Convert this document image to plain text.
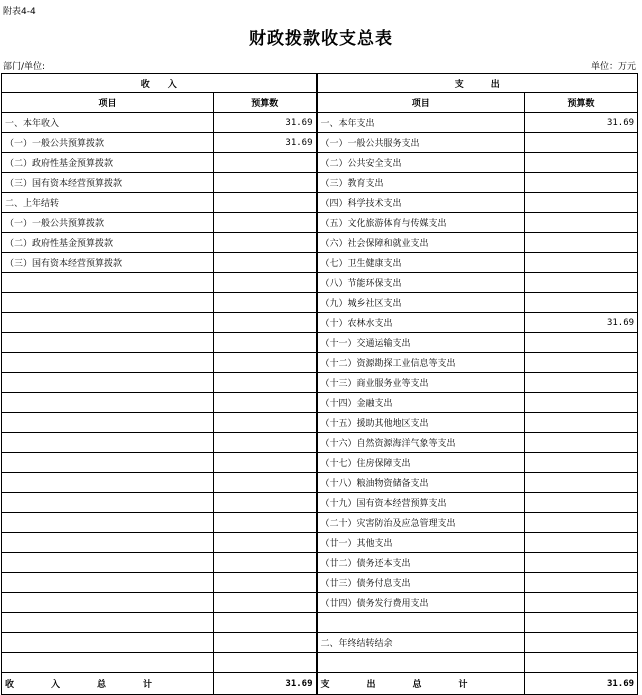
附表4-4
财政拨款收支总表
部门/单位:	单位：万元
收　　入		支　　　出	
项目	预算数	项目	预算数
一、本年收入	31.69	一、本年支出	31.69
（一）一般公共预算拨款	31.69	（一）一般公共服务支出	
（二）政府性基金预算拨款		（二）公共安全支出	
（三）国有资本经营预算拨款		（三）教育支出	
二、上年结转		（四）科学技术支出	
（一）一般公共预算拨款		（五）文化旅游体育与传媒支出	
（二）政府性基金预算拨款		（六）社会保障和就业支出	
（三）国有资本经营预算拨款		（七）卫生健康支出	
		（八）节能环保支出	
		（九）城乡社区支出	
		（十）农林水支出	31.69
		（十一）交通运输支出	
		（十二）资源勘探工业信息等支出	
		（十三）商业服务业等支出	
		（十四）金融支出	
		（十五）援助其他地区支出	
		（十六）自然资源海洋气象等支出	
		（十七）住房保障支出	
		（十八）粮油物资储备支出	
		（十九）国有资本经营预算支出	
		（二十）灾害防治及应急管理支出	
		（廿一）其他支出	
		（廿二）债务还本支出	
		（廿三）债务付息支出	
		（廿四）债务发行费用支出	

		二、年终结转结余	

收　入　总　计	31.69	支　出　总　计	31.69
